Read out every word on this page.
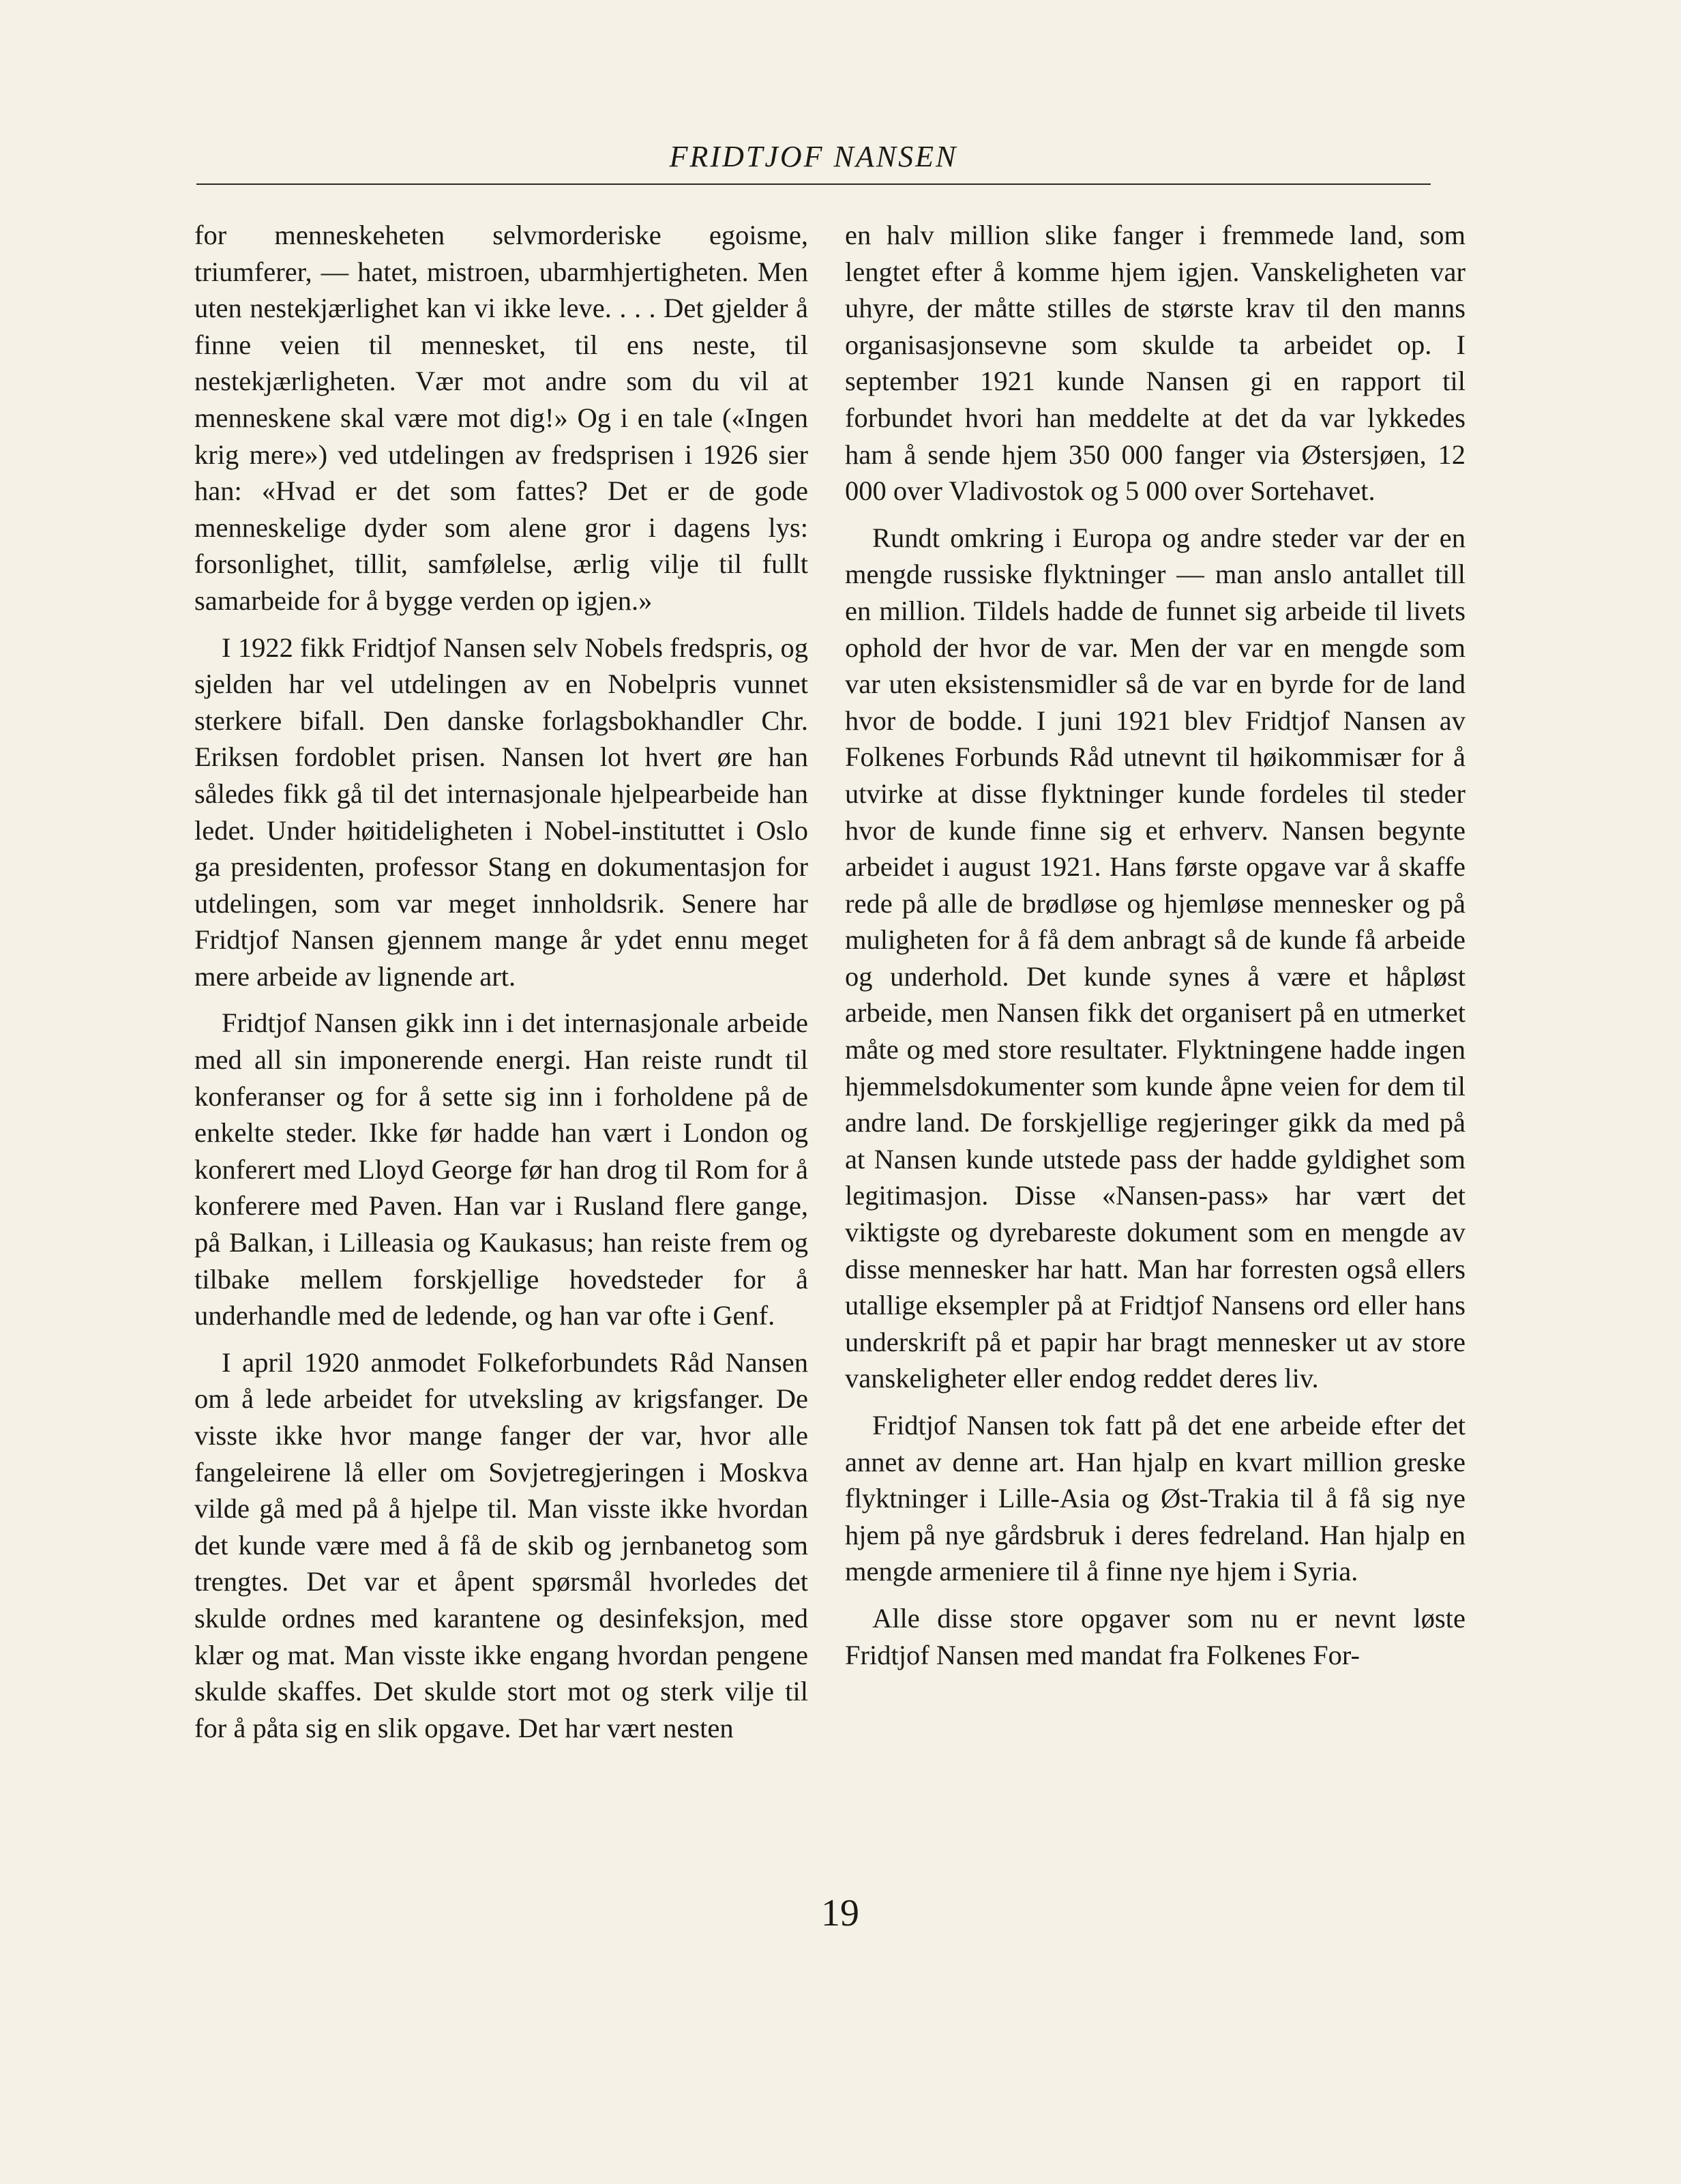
FRIDTJOF NANSEN

for menneskeheten selvmorderiske egoisme, triumferer, — hatet, mistroen, ubarmhjertigheten. Men uten nestekjærlighet kan vi ikke leve. . . . Det gjelder å finne veien til mennesket, til ens neste, til nestekjærligheten. Vær mot andre som du vil at menneskene skal være mot dig!» Og i en tale («Ingen krig mere») ved utdelingen av fredsprisen i 1926 sier han: «Hvad er det som fattes? Det er de gode menneskelige dyder som alene gror i dagens lys: forsonlighet, tillit, samfølelse, ærlig vilje til fullt samarbeide for å bygge verden op igjen.»

I 1922 fikk Fridtjof Nansen selv Nobels fredspris, og sjelden har vel utdelingen av en Nobelpris vunnet sterkere bifall. Den danske forlagsbokhandler Chr. Eriksen fordoblet prisen. Nansen lot hvert øre han således fikk gå til det internasjonale hjelpearbeide han ledet. Under høitideligheten i Nobel-instituttet i Oslo ga presidenten, professor Stang en dokumentasjon for utdelingen, som var meget innholdsrik. Senere har Fridtjof Nansen gjennem mange år ydet ennu meget mere arbeide av lignende art.

Fridtjof Nansen gikk inn i det internasjonale arbeide med all sin imponerende energi. Han reiste rundt til konferanser og for å sette sig inn i forholdene på de enkelte steder. Ikke før hadde han vært i London og konferert med Lloyd George før han drog til Rom for å konferere med Paven. Han var i Rusland flere gange, på Balkan, i Lilleasia og Kaukasus; han reiste frem og tilbake mellem forskjellige hovedsteder for å underhandle med de ledende, og han var ofte i Genf.

I april 1920 anmodet Folkeforbundets Råd Nansen om å lede arbeidet for utveksling av krigsfanger. De visste ikke hvor mange fanger der var, hvor alle fangeleirene lå eller om Sovjetregjeringen i Moskva vilde gå med på å hjelpe til. Man visste ikke hvordan det kunde være med å få de skib og jernbanetog som trengtes. Det var et åpent spørsmål hvorledes det skulde ordnes med karantene og desinfeksjon, med klær og mat. Man visste ikke engang hvordan pengene skulde skaffes. Det skulde stort mot og sterk vilje til for å påta sig en slik opgave. Det har vært nesten

en halv million slike fanger i fremmede land, som lengtet efter å komme hjem igjen. Vanskeligheten var uhyre, der måtte stilles de største krav til den manns organisasjonsevne som skulde ta arbeidet op. I september 1921 kunde Nansen gi en rapport til forbundet hvori han meddelte at det da var lykkedes ham å sende hjem 350 000 fanger via Østersjøen, 12 000 over Vladivostok og 5 000 over Sortehavet.

Rundt omkring i Europa og andre steder var der en mengde russiske flyktninger — man anslo antallet till en million. Tildels hadde de funnet sig arbeide til livets ophold der hvor de var. Men der var en mengde som var uten eksistensmidler så de var en byrde for de land hvor de bodde. I juni 1921 blev Fridtjof Nansen av Folkenes Forbunds Råd utnevnt til høikommisær for å utvirke at disse flyktninger kunde fordeles til steder hvor de kunde finne sig et erhverv. Nansen begynte arbeidet i august 1921. Hans første opgave var å skaffe rede på alle de brødløse og hjemløse mennesker og på muligheten for å få dem anbragt så de kunde få arbeide og underhold. Det kunde synes å være et håpløst arbeide, men Nansen fikk det organisert på en utmerket måte og med store resultater. Flyktningene hadde ingen hjemmelsdokumenter som kunde åpne veien for dem til andre land. De forskjellige regjeringer gikk da med på at Nansen kunde utstede pass der hadde gyldighet som legitimasjon. Disse «Nansen-pass» har vært det viktigste og dyrebareste dokument som en mengde av disse mennesker har hatt. Man har forresten også ellers utallige eksempler på at Fridtjof Nansens ord eller hans underskrift på et papir har bragt mennesker ut av store vanskeligheter eller endog reddet deres liv.

Fridtjof Nansen tok fatt på det ene arbeide efter det annet av denne art. Han hjalp en kvart million greske flyktninger i Lille-Asia og Øst-Trakia til å få sig nye hjem på nye gårdsbruk i deres fedreland. Han hjalp en mengde armeniere til å finne nye hjem i Syria.

Alle disse store opgaver som nu er nevnt løste Fridtjof Nansen med mandat fra Folkenes For-

19
